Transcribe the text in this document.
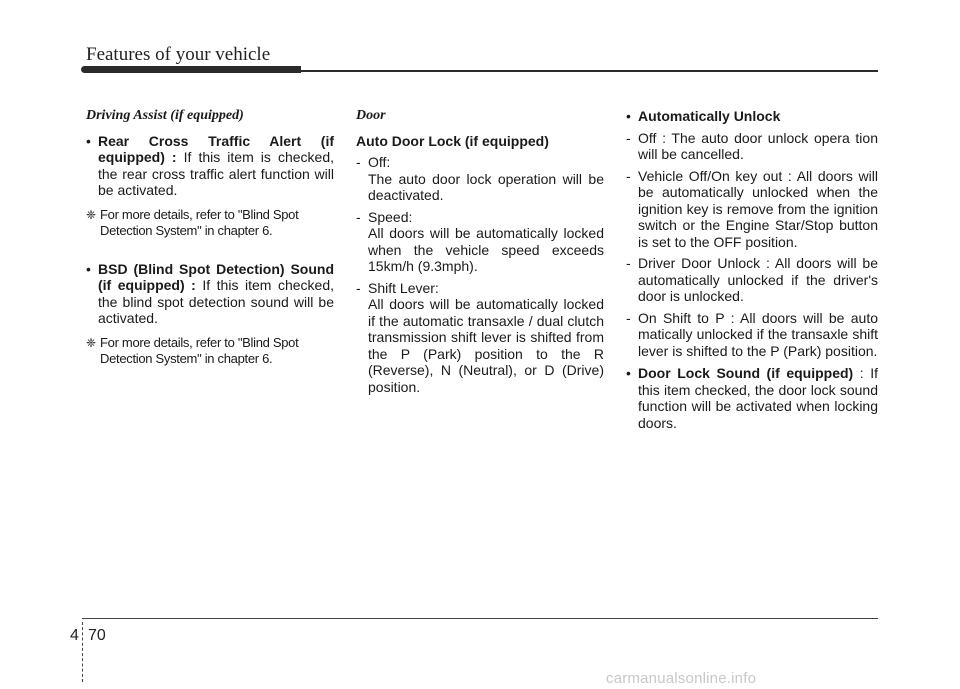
Features of your vehicle
Driving Assist (if equipped)
• Rear Cross Traffic Alert (if equipped) : If this item is checked, the rear cross traffic alert function will be activated.
❈ For more details, refer to "Blind Spot Detection System" in chapter 6.
• BSD (Blind Spot Detection) Sound (if equipped) : If this item checked, the blind spot detection sound will be activated.
❈ For more details, refer to "Blind Spot Detection System" in chapter 6.
Door
Auto Door Lock (if equipped)
- Off:
The auto door lock operation will be deactivated.
- Speed:
All doors will be automatically locked when the vehicle speed exceeds 15km/h (9.3mph).
- Shift Lever:
All doors will be automatically locked if the automatic transaxle / dual clutch transmission shift lever is shifted from the P (Park) position to the R (Reverse), N (Neutral), or D (Drive) position.
• Automatically Unlock
- Off : The auto door unlock opera tion will be cancelled.
- Vehicle Off/On key out : All doors will be automatically unlocked when the ignition key is remove from the ignition switch or the Engine Star/Stop button is set to the OFF position.
- Driver Door Unlock : All doors will be automatically unlocked if the driver's door is unlocked.
- On Shift to P : All doors will be auto matically unlocked if the transaxle shift lever is shifted to the P (Park) position.
• Door Lock Sound (if equipped) : If this item checked, the door lock sound function will be activated when locking doors.
4 70
carmanualsonline.info
